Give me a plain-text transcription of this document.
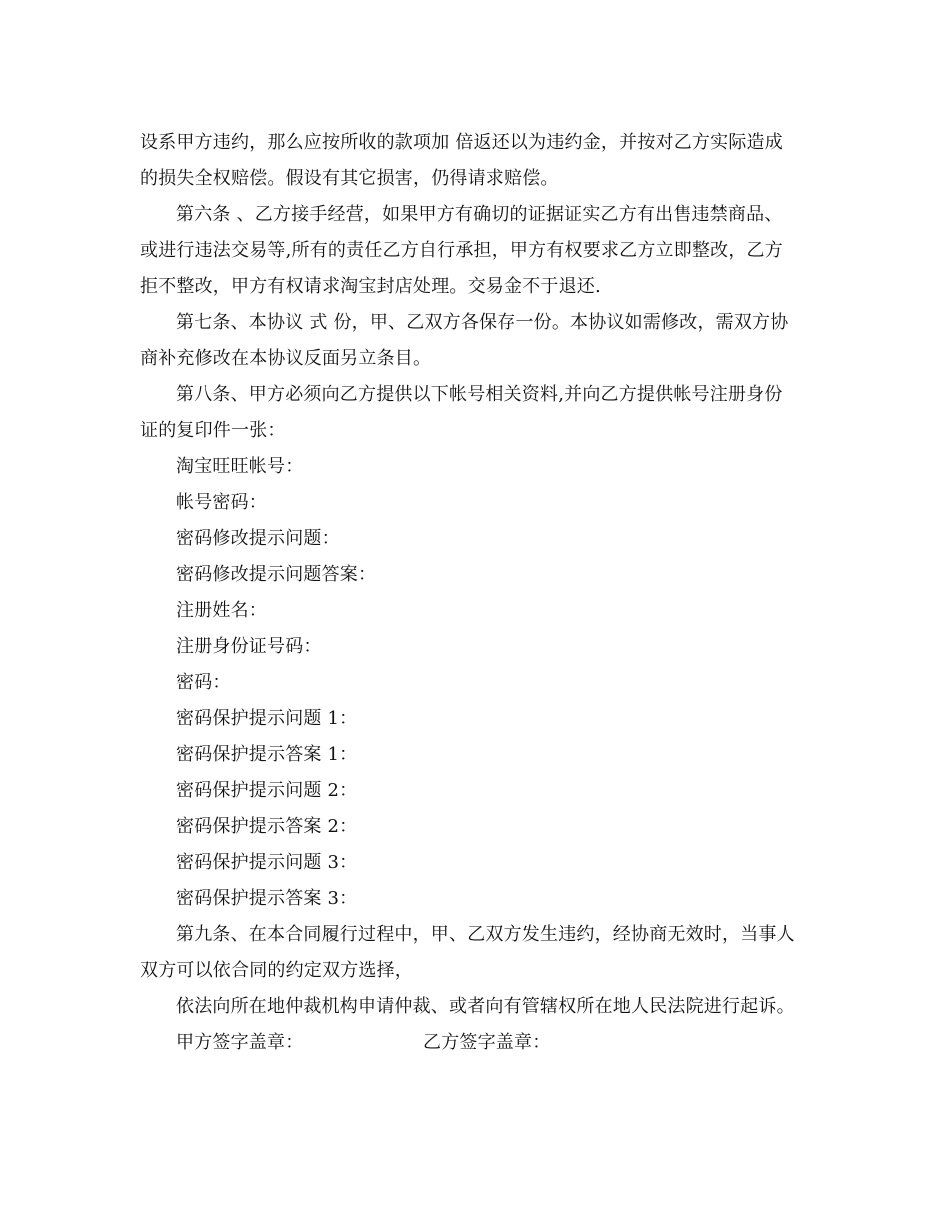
设系甲方违约，那么应按所收的款项加 倍返还以为违约金，并按对乙方实际造成
的损失全权赔偿。假设有其它损害，仍得请求赔偿。
第六条 、乙方接手经营，如果甲方有确切的证据证实乙方有出售违禁商品、
或进行违法交易等,所有的责任乙方自行承担，甲方有权要求乙方立即整改，乙方
拒不整改，甲方有权请求淘宝封店处理。交易金不于退还.
第七条、本协议 式 份，甲、乙双方各保存一份。本协议如需修改，需双方协
商补充修改在本协议反面另立条目。
第八条、甲方必须向乙方提供以下帐号相关资料,并向乙方提供帐号注册身份
证的复印件一张：
淘宝旺旺帐号：
帐号密码：
密码修改提示问题：
密码修改提示问题答案：
注册姓名：
注册身份证号码：
密码：
密码保护提示问题 1：
密码保护提示答案 1：
密码保护提示问题 2：
密码保护提示答案 2：
密码保护提示问题 3：
密码保护提示答案 3：
第九条、在本合同履行过程中，甲、乙双方发生违约，经协商无效时，当事人
双方可以依合同的约定双方选择，
依法向所在地仲裁机构申请仲裁、或者向有管辖权所在地人民法院进行起诉。
甲方签字盖章：	乙方签字盖章：
